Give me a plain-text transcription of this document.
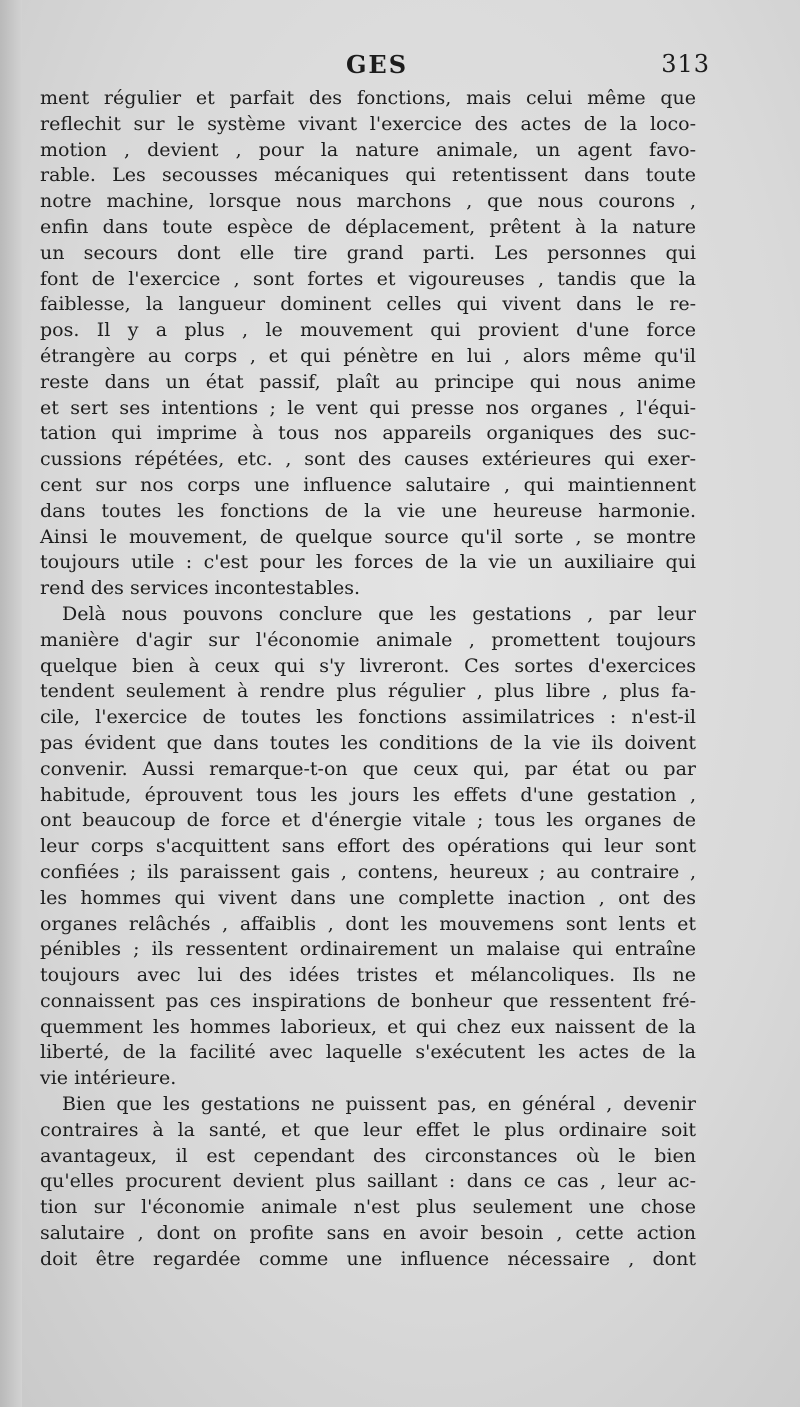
GES	313
ment régulier et parfait des fonctions, mais celui même que
reflechit sur le système vivant l'exercice des actes de la loco-
motion , devient , pour la nature animale, un agent favo-
rable. Les secousses mécaniques qui retentissent dans toute
notre machine, lorsque nous marchons , que nous courons ,
enfin dans toute espèce de déplacement, prêtent à la nature
un secours dont elle tire grand parti. Les personnes qui
font de l'exercice , sont fortes et vigoureuses , tandis que la
faiblesse, la langueur dominent celles qui vivent dans le re-
pos. Il y a plus , le mouvement qui provient d'une force
étrangère au corps , et qui pénètre en lui , alors même qu'il
reste dans un état passif, plaît au principe qui nous anime
et sert ses intentions ; le vent qui presse nos organes , l'équi-
tation qui imprime à tous nos appareils organiques des suc-
cussions répétées, etc. , sont des causes extérieures qui exer-
cent sur nos corps une influence salutaire , qui maintiennent
dans toutes les fonctions de la vie une heureuse harmonie.
Ainsi le mouvement, de quelque source qu'il sorte , se montre
toujours utile : c'est pour les forces de la vie un auxiliaire qui
rend des services incontestables.
Delà nous pouvons conclure que les gestations , par leur
manière d'agir sur l'économie animale , promettent toujours
quelque bien à ceux qui s'y livreront. Ces sortes d'exercices
tendent seulement à rendre plus régulier , plus libre , plus fa-
cile, l'exercice de toutes les fonctions assimilatrices : n'est-il
pas évident que dans toutes les conditions de la vie ils doivent
convenir. Aussi remarque-t-on que ceux qui, par état ou par
habitude, éprouvent tous les jours les effets d'une gestation ,
ont beaucoup de force et d'énergie vitale ; tous les organes de
leur corps s'acquittent sans effort des opérations qui leur sont
confiées ; ils paraissent gais , contens, heureux ; au contraire ,
les hommes qui vivent dans une complette inaction , ont des
organes relâchés , affaiblis , dont les mouvemens sont lents et
pénibles ; ils ressentent ordinairement un malaise qui entraîne
toujours avec lui des idées tristes et mélancoliques. Ils ne
connaissent pas ces inspirations de bonheur que ressentent fré-
quemment les hommes laborieux, et qui chez eux naissent de la
liberté, de la facilité avec laquelle s'exécutent les actes de la
vie intérieure.
Bien que les gestations ne puissent pas, en général , devenir
contraires à la santé, et que leur effet le plus ordinaire soit
avantageux, il est cependant des circonstances où le bien
qu'elles procurent devient plus saillant : dans ce cas , leur ac-
tion sur l'économie animale n'est plus seulement une chose
salutaire , dont on profite sans en avoir besoin , cette action
doit être regardée comme une influence nécessaire , dont
